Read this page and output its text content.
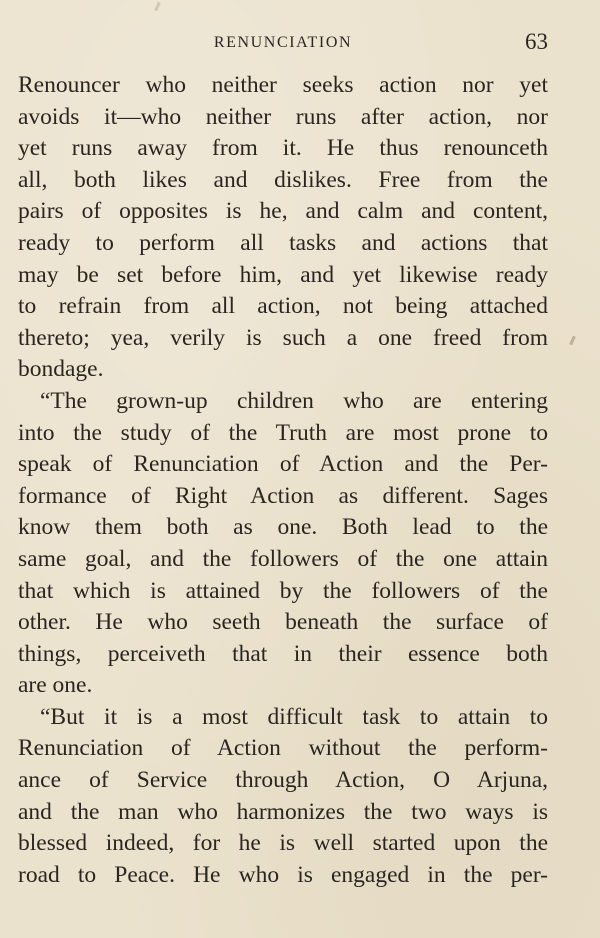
RENUNCIATION	63
Renouncer who neither seeks action nor yet
avoids it—who neither runs after action, nor
yet runs away from it. He thus renounceth
all, both likes and dislikes. Free from the
pairs of opposites is he, and calm and content,
ready to perform all tasks and actions that
may be set before him, and yet likewise ready
to refrain from all action, not being attached
thereto; yea, verily is such a one freed from
bondage.
“The grown-up children who are entering
into the study of the Truth are most prone to
speak of Renunciation of Action and the Per-
formance of Right Action as different. Sages
know them both as one. Both lead to the
same goal, and the followers of the one attain
that which is attained by the followers of the
other. He who seeth beneath the surface of
things, perceiveth that in their essence both
are one.
“But it is a most difficult task to attain to
Renunciation of Action without the perform-
ance of Service through Action, O Arjuna,
and the man who harmonizes the two ways is
blessed indeed, for he is well started upon the
road to Peace. He who is engaged in the per-
